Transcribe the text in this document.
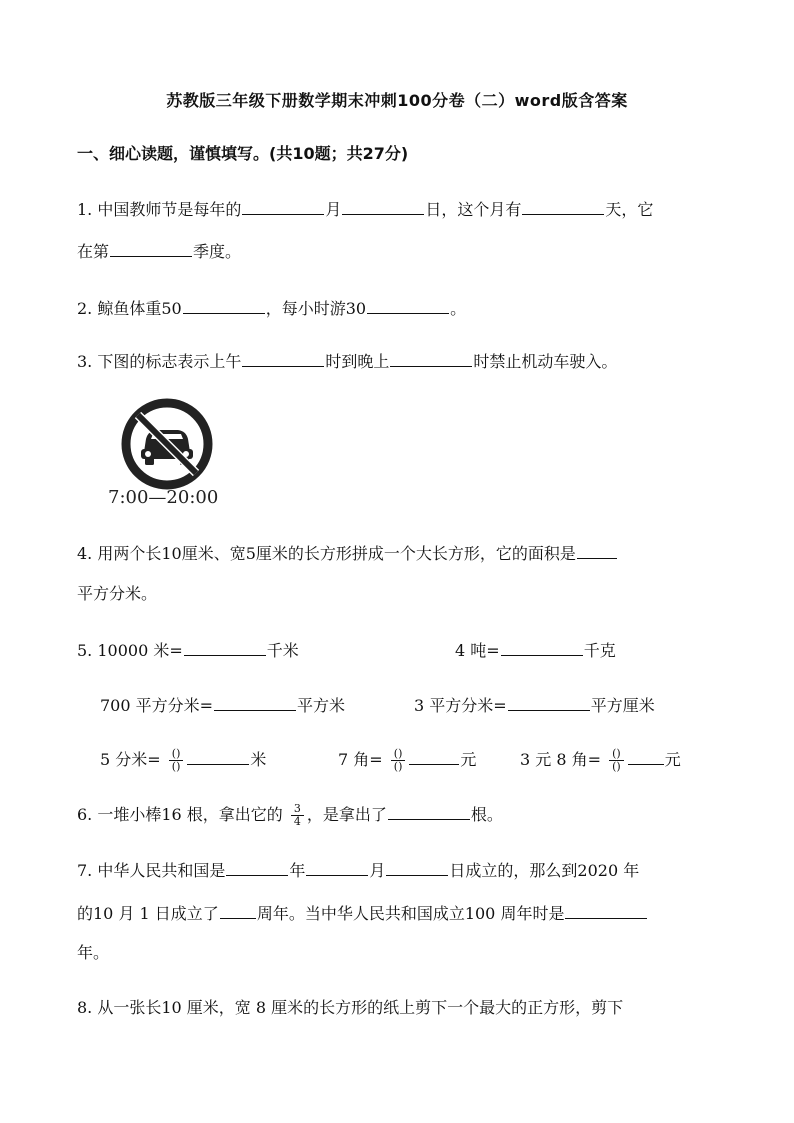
苏教版三年级下册数学期末冲刺100分卷（二）word版含答案
一、细心读题，谨慎填写。(共10题；共27分)
1. 中国教师节是每年的	月	日，这个月有	天，它
在第	季度。
2. 鲸鱼体重50	，每小时游30	。
3. 下图的标志表示上午	时到晚上	时禁止机动车驶入。
7:00—20:00
4. 用两个长10厘米、宽5厘米的长方形拼成一个大长方形，它的面积是
平方分米。
5. 10000 米=	千米	4 吨=	千克
700 平方分米=	平方米	3 平方分米=	平方厘米
5 分米= $\frac{()}{()}$	米	7 角= $\frac{()}{()}$	元	3 元 8 角= $\frac{()}{()}$	元
6. 一堆小棒16 根，拿出它的 $\frac{3}{4}$ ，是拿出了	根。
7. 中华人民共和国是	年	月	日成立的，那么到2020 年
的10 月 1 日成立了 周年。当中华人民共和国成立100 周年时是
年。
8. 从一张长10 厘米，宽 8 厘米的长方形的纸上剪下一个最大的正方形，剪下
